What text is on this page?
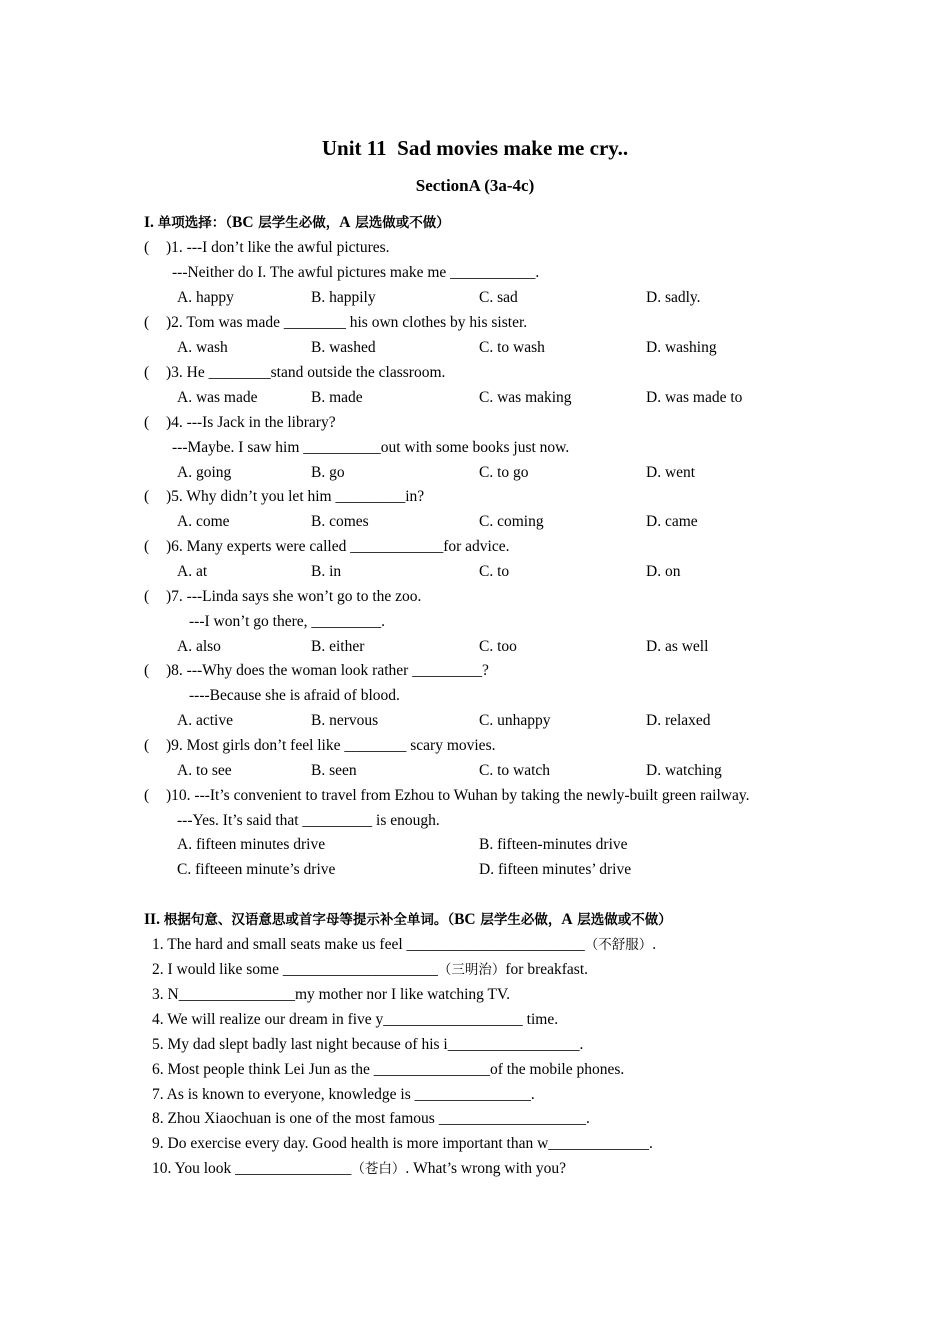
Unit 11  Sad movies make me cry..
SectionA (3a-4c)
I. 单项选择：（BC 层学生必做，A 层选做或不做）

(

)1. ---I don’t like the awful pictures.

---Neither do I. The awful pictures make me ___________.

A. happy

	B. happily

	C. sad

	D. sadly.

(

)2. Tom was made ________ his own clothes by his sister.

A. wash

	B. washed

	C. to wash

	D. washing

(

)3. He ________stand outside the classroom.

A. was made

	B. made

	C. was making

	D. was made to

(

)4. ---Is Jack in the library?

---Maybe. I saw him __________out with some books just now.

A. going

	B. go

	C. to go

	D. went

(

)5. Why didn’t you let him _________in?

A. come

	B. comes

	C. coming

	D. came

(

)6. Many experts were called ____________for advice.

A. at

	B. in

	C. to

	D. on

(

)7. ---Linda says she won’t go to the zoo.

---I won’t go there, _________.

A. also

	B. either

	C. too

	D. as well

(

)8. ---Why does the woman look rather _________?

----Because she is afraid of blood.

A. active

	B. nervous

	C. unhappy

	D. relaxed

(

)9. Most girls don’t feel like ________ scary movies.

A. to see

	B. seen

	C. to watch

	D. watching

(

)10. ---It’s convenient to travel from Ezhou to Wuhan by taking the newly-built green railway.

---Yes. It’s said that _________ is enough.

A. fifteen minutes drive

	B. fifteen-minutes drive

C. fifteeen minute’s drive

	D. fifteen minutes’ drive

II. 根据句意、汉语意思或首字母等提示补全单词。（BC 层学生必做，A 层选做或不做）
1. The hard and small seats make us feel _______________________（不舒服）.
2. I would like some ____________________（三明治）for breakfast.
3. N_______________my mother nor I like watching TV.
4. We will realize our dream in five y__________________ time.
5. My dad slept badly last night because of his i_________________.
6. Most people think Lei Jun as the _______________of the mobile phones.
7. As is known to everyone, knowledge is _______________.
8. Zhou Xiaochuan is one of the most famous ___________________.
9. Do exercise every day. Good health is more important than w_____________.
10. You look _______________（苍白）. What’s wrong with you?
